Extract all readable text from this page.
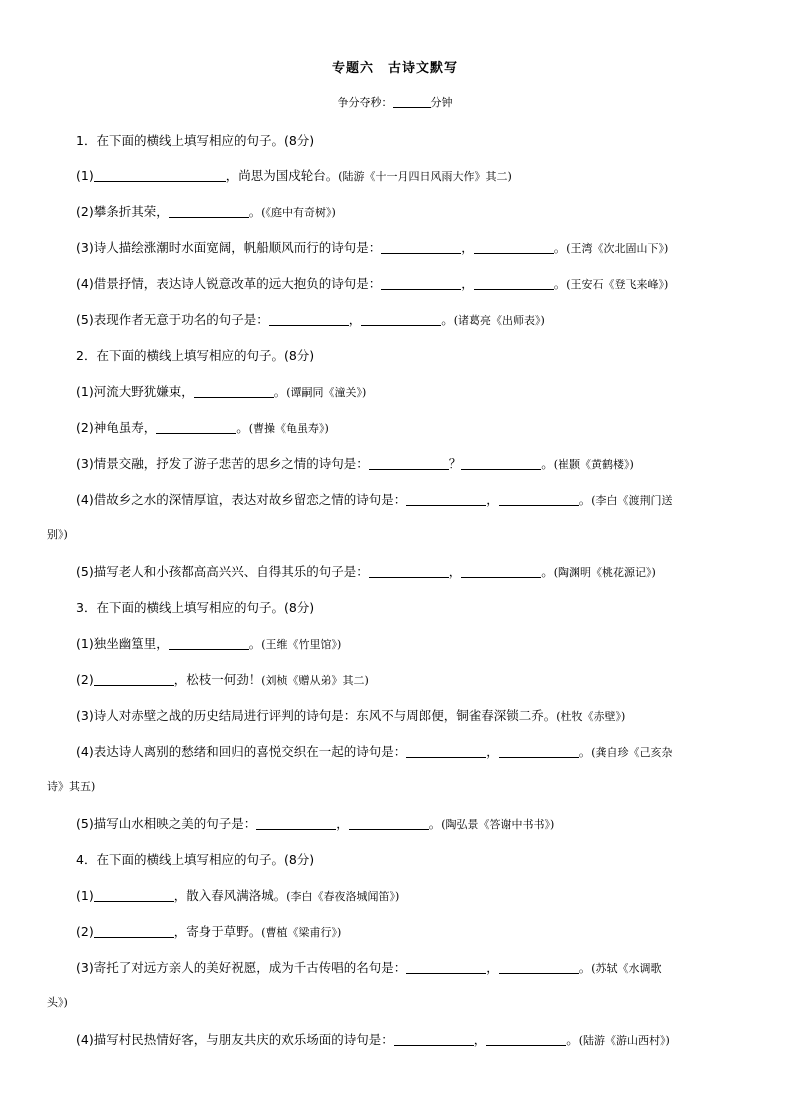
专题六　古诗文默写
争分夺秒：	分钟
1．在下面的横线上填写相应的句子。(8分)
(1)	，尚思为国戍轮台。(陆游《十一月四日风雨大作》其二)
(2)攀条折其荣，	。(《庭中有奇树》)
(3)诗人描绘涨潮时水面宽阔，帆船顺风而行的诗句是：	，	。(王湾《次北固山下》)
(4)借景抒情，表达诗人锐意改革的远大抱负的诗句是：	，	。(王安石《登飞来峰》)
(5)表现作者无意于功名的句子是：	，	。(诸葛亮《出师表》)
2．在下面的横线上填写相应的句子。(8分)
(1)河流大野犹嫌束，	。(谭嗣同《潼关》)
(2)神龟虽寿，	。(曹操《龟虽寿》)
(3)情景交融，抒发了游子悲苦的思乡之情的诗句是：	？	。(崔颢《黄鹤楼》)
(4)借故乡之水的深情厚谊，表达对故乡留恋之情的诗句是：	，	。(李白《渡荆门送
别》)
(5)描写老人和小孩都高高兴兴、自得其乐的句子是：	，	。(陶渊明《桃花源记》)
3．在下面的横线上填写相应的句子。(8分)
(1)独坐幽篁里，	。(王维《竹里馆》)
(2)	，松枝一何劲！(刘桢《赠从弟》其二)
(3)诗人对赤壁之战的历史结局进行评判的诗句是：东风不与周郎便，铜雀春深锁二乔。(杜牧《赤壁》)
(4)表达诗人离别的愁绪和回归的喜悦交织在一起的诗句是：	，	。(龚自珍《己亥杂
诗》其五)
(5)描写山水相映之美的句子是：	，	。(陶弘景《答谢中书书》)
4．在下面的横线上填写相应的句子。(8分)
(1)	，散入春风满洛城。(李白《春夜洛城闻笛》)
(2)	，寄身于草野。(曹植《梁甫行》)
(3)寄托了对远方亲人的美好祝愿，成为千古传唱的名句是：	，	。(苏轼《水调歌
头》)
(4)描写村民热情好客，与朋友共庆的欢乐场面的诗句是：	，	。(陆游《游山西村》)
